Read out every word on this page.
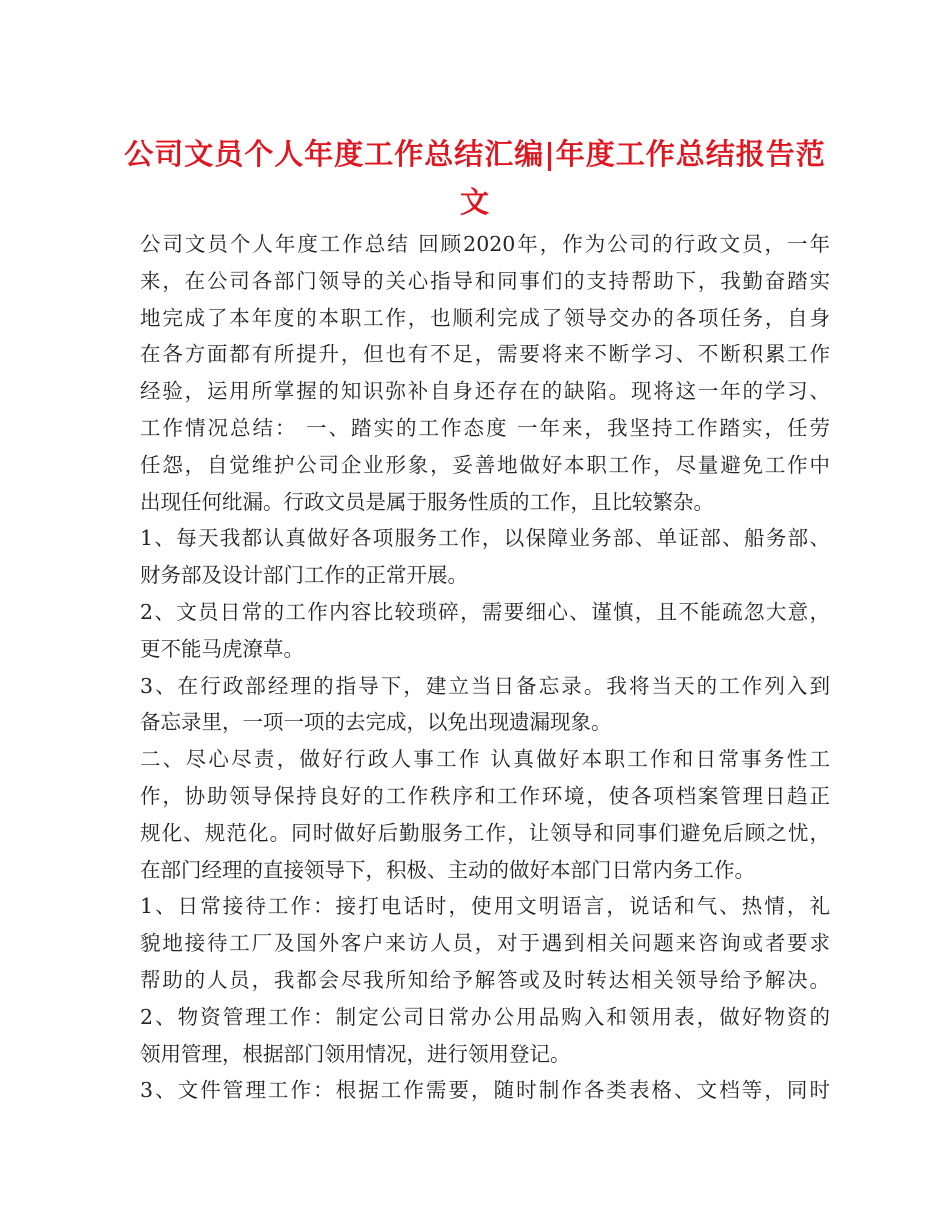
公司文员个人年度工作总结汇编|年度工作总结报告范
文
公司文员个人年度工作总结 回顾2020年，作为公司的行政文员，一年
来，在公司各部门领导的关心指导和同事们的支持帮助下，我勤奋踏实
地完成了本年度的本职工作，也顺利完成了领导交办的各项任务，自身
在各方面都有所提升，但也有不足，需要将来不断学习、不断积累工作
经验，运用所掌握的知识弥补自身还存在的缺陷。现将这一年的学习、
工作情况总结： 一、踏实的工作态度 一年来，我坚持工作踏实，任劳
任怨，自觉维护公司企业形象，妥善地做好本职工作，尽量避免工作中
出现任何纰漏。行政文员是属于服务性质的工作，且比较繁杂。
1、每天我都认真做好各项服务工作，以保障业务部、单证部、船务部、
财务部及设计部门工作的正常开展。
2、文员日常的工作内容比较琐碎，需要细心、谨慎，且不能疏忽大意，
更不能马虎潦草。
3、在行政部经理的指导下，建立当日备忘录。我将当天的工作列入到
备忘录里，一项一项的去完成，以免出现遗漏现象。
二、尽心尽责，做好行政人事工作 认真做好本职工作和日常事务性工
作，协助领导保持良好的工作秩序和工作环境，使各项档案管理日趋正
规化、规范化。同时做好后勤服务工作，让领导和同事们避免后顾之忧，
在部门经理的直接领导下，积极、主动的做好本部门日常内务工作。
1、日常接待工作：接打电话时，使用文明语言，说话和气、热情，礼
貌地接待工厂及国外客户来访人员，对于遇到相关问题来咨询或者要求
帮助的人员，我都会尽我所知给予解答或及时转达相关领导给予解决。
2、物资管理工作：制定公司日常办公用品购入和领用表，做好物资的
领用管理，根据部门领用情况，进行领用登记。
3、文件管理工作：根据工作需要，随时制作各类表格、文档等，同时
